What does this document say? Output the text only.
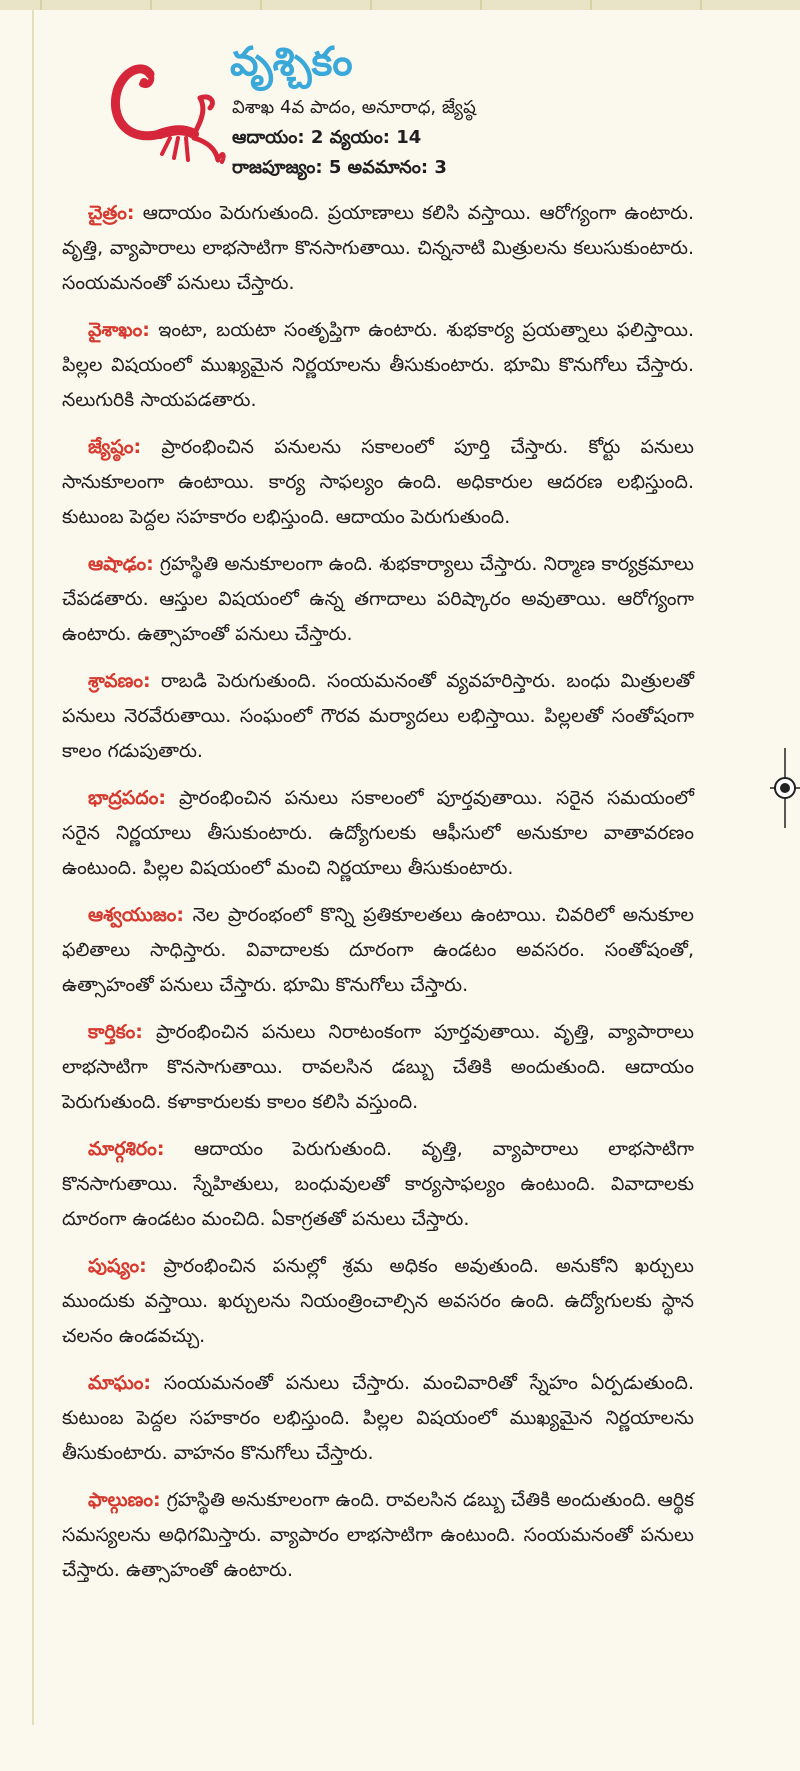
వృశ్చికం
విశాఖ 4వ పాదం, అనూరాధ, జ్యేష్ఠ
ఆదాయం: 2 వ్యయం: 14
రాజపూజ్యం: 5 అవమానం: 3

చైత్రం: ఆదాయం పెరుగుతుంది. ప్రయాణాలు కలిసి వస్తాయి. ఆరోగ్యంగా ఉంటారు. వృత్తి, వ్యాపారాలు లాభసాటిగా కొనసాగుతాయి. చిన్ననాటి మిత్రులను కలుసుకుంటారు. సంయమనంతో పనులు చేస్తారు.

వైశాఖం: ఇంటా, బయటా సంతృప్తిగా ఉంటారు. శుభకార్య ప్రయత్నాలు ఫలిస్తాయి. పిల్లల విషయంలో ముఖ్యమైన నిర్ణయాలను తీసుకుంటారు. భూమి కొనుగోలు చేస్తారు. నలుగురికి సాయపడతారు.

జ్యేష్ఠం: ప్రారంభించిన పనులను సకాలంలో పూర్తి చేస్తారు. కోర్టు పనులు సానుకూలంగా ఉంటాయి. కార్య సాఫల్యం ఉంది. అధికారుల ఆదరణ లభిస్తుంది. కుటుంబ పెద్దల సహకారం లభిస్తుంది. ఆదాయం పెరుగుతుంది.

ఆషాఢం: గ్రహస్థితి అనుకూలంగా ఉంది. శుభకార్యాలు చేస్తారు. నిర్మాణ కార్యక్రమాలు చేపడతారు. ఆస్తుల విషయంలో ఉన్న తగాదాలు పరిష్కారం అవుతాయి. ఆరోగ్యంగా ఉంటారు. ఉత్సాహంతో పనులు చేస్తారు.

శ్రావణం: రాబడి పెరుగుతుంది. సంయమనంతో వ్యవహరిస్తారు. బంధు మిత్రులతో పనులు నెరవేరుతాయి. సంఘంలో గౌరవ మర్యాదలు లభిస్తాయి. పిల్లలతో సంతోషంగా కాలం గడుపుతారు.

భాద్రపదం: ప్రారంభించిన పనులు సకాలంలో పూర్తవుతాయి. సరైన సమయంలో సరైన నిర్ణయాలు తీసుకుంటారు. ఉద్యోగులకు ఆఫీసులో అనుకూల వాతావరణం ఉంటుంది. పిల్లల విషయంలో మంచి నిర్ణయాలు తీసుకుంటారు.

ఆశ్వయుజం: నెల ప్రారంభంలో కొన్ని ప్రతికూలతలు ఉంటాయి. చివరిలో అనుకూల ఫలితాలు సాధిస్తారు. వివాదాలకు దూరంగా ఉండటం అవసరం. సంతోషంతో, ఉత్సాహంతో పనులు చేస్తారు. భూమి కొనుగోలు చేస్తారు.

కార్తికం: ప్రారంభించిన పనులు నిరాటంకంగా పూర్తవుతాయి. వృత్తి, వ్యాపారాలు లాభసాటిగా కొనసాగుతాయి. రావలసిన డబ్బు చేతికి అందుతుంది. ఆదాయం పెరుగుతుంది. కళాకారులకు కాలం కలిసి వస్తుంది.

మార్గశిరం: ఆదాయం పెరుగుతుంది. వృత్తి, వ్యాపారాలు లాభసాటిగా కొనసాగుతాయి. స్నేహితులు, బంధువులతో కార్యసాఫల్యం ఉంటుంది. వివాదాలకు దూరంగా ఉండటం మంచిది. ఏకాగ్రతతో పనులు చేస్తారు.

పుష్యం: ప్రారంభించిన పనుల్లో శ్రమ అధికం అవుతుంది. అనుకోని ఖర్చులు ముందుకు వస్తాయి. ఖర్చులను నియంత్రించాల్సిన అవసరం ఉంది. ఉద్యోగులకు స్థాన చలనం ఉండవచ్చు.

మాఘం: సంయమనంతో పనులు చేస్తారు. మంచివారితో స్నేహం ఏర్పడుతుంది. కుటుంబ పెద్దల సహకారం లభిస్తుంది. పిల్లల విషయంలో ముఖ్యమైన నిర్ణయాలను తీసుకుంటారు. వాహనం కొనుగోలు చేస్తారు.

ఫాల్గుణం: గ్రహస్థితి అనుకూలంగా ఉంది. రావలసిన డబ్బు చేతికి అందుతుంది. ఆర్థిక సమస్యలను అధిగమిస్తారు. వ్యాపారం లాభసాటిగా ఉంటుంది. సంయమనంతో పనులు చేస్తారు. ఉత్సాహంతో ఉంటారు.
